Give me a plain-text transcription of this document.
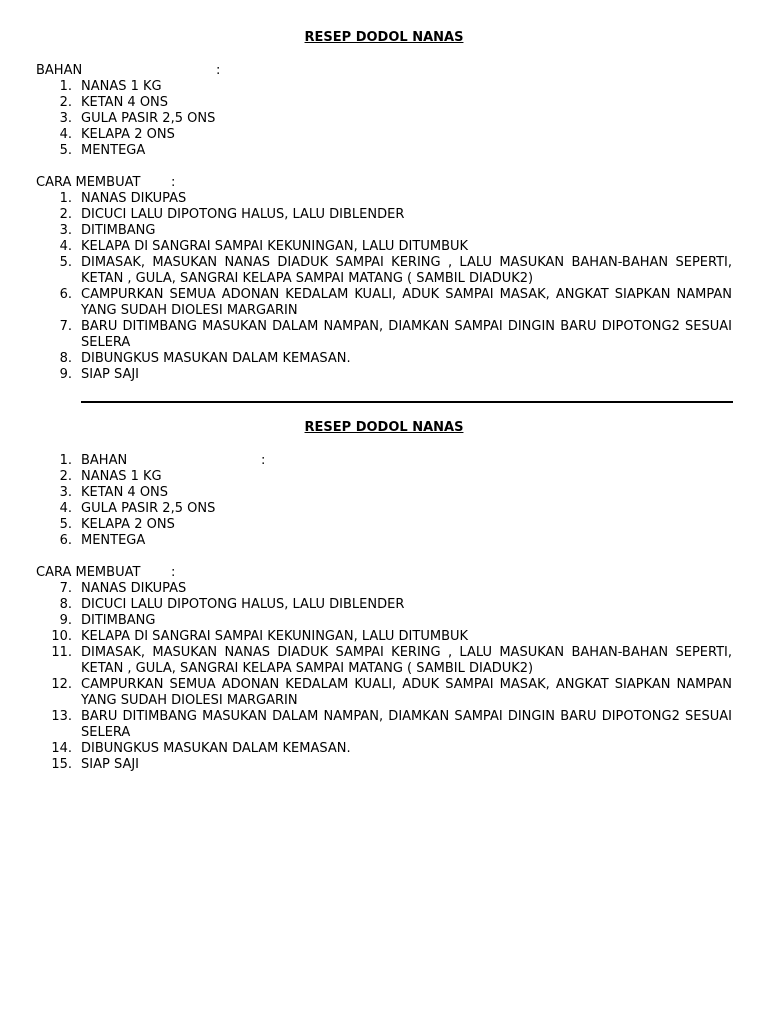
RESEP DODOL NANAS
BAHAN	:
1. NANAS 1 KG
2. KETAN 4 ONS
3. GULA PASIR 2,5 ONS
4. KELAPA 2 ONS
5. MENTEGA
CARA MEMBUAT :
1. NANAS DIKUPAS
2. DICUCI LALU DIPOTONG HALUS, LALU DIBLENDER
3. DITIMBANG
4. KELAPA DI SANGRAI SAMPAI KEKUNINGAN, LALU DITUMBUK
5. DIMASAK, MASUKAN NANAS DIADUK SAMPAI KERING , LALU MASUKAN BAHAN-BAHAN SEPERTI, KETAN , GULA, SANGRAI KELAPA SAMPAI MATANG ( SAMBIL DIADUK2)
6. CAMPURKAN SEMUA ADONAN KEDALAM KUALI, ADUK SAMPAI MASAK, ANGKAT SIAPKAN NAMPAN YANG SUDAH DIOLESI MARGARIN
7. BARU DITIMBANG MASUKAN DALAM NAMPAN, DIAMKAN SAMPAI DINGIN BARU DIPOTONG2 SESUAI SELERA
8. DIBUNGKUS MASUKAN DALAM KEMASAN.
9. SIAP SAJI
RESEP DODOL NANAS
1. BAHAN	:
2. NANAS 1 KG
3. KETAN 4 ONS
4. GULA PASIR 2,5 ONS
5. KELAPA 2 ONS
6. MENTEGA
CARA MEMBUAT :
7. NANAS DIKUPAS
8. DICUCI LALU DIPOTONG HALUS, LALU DIBLENDER
9. DITIMBANG
10. KELAPA DI SANGRAI SAMPAI KEKUNINGAN, LALU DITUMBUK
11. DIMASAK, MASUKAN NANAS DIADUK SAMPAI KERING , LALU MASUKAN BAHAN-BAHAN SEPERTI, KETAN , GULA, SANGRAI KELAPA SAMPAI MATANG ( SAMBIL DIADUK2)
12. CAMPURKAN SEMUA ADONAN KEDALAM KUALI, ADUK SAMPAI MASAK, ANGKAT SIAPKAN NAMPAN YANG SUDAH DIOLESI MARGARIN
13. BARU DITIMBANG MASUKAN DALAM NAMPAN, DIAMKAN SAMPAI DINGIN BARU DIPOTONG2 SESUAI SELERA
14. DIBUNGKUS MASUKAN DALAM KEMASAN.
15. SIAP SAJI
